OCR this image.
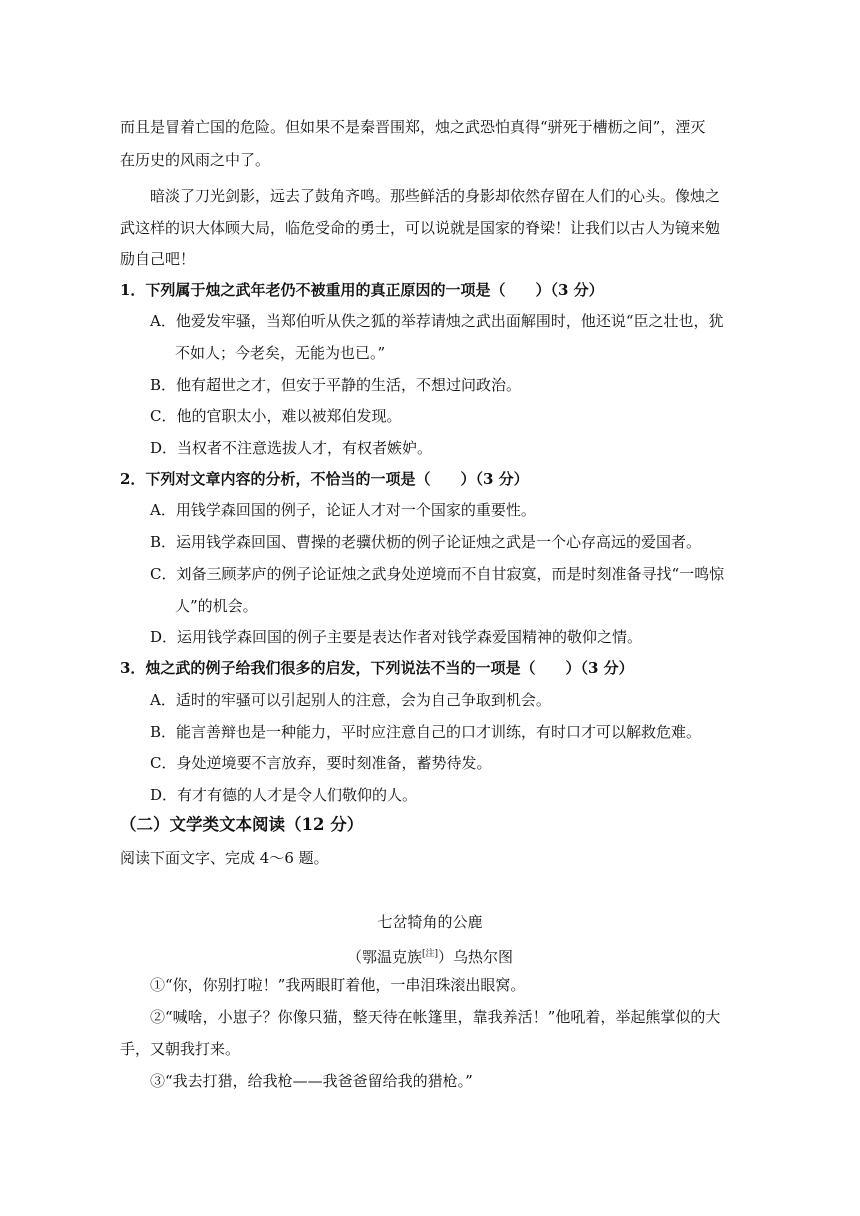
而且是冒着亡国的危险。但如果不是秦晋围郑，烛之武恐怕真得“骈死于槽枥之间”，湮灭
在历史的风雨之中了。
暗淡了刀光剑影，远去了鼓角齐鸣。那些鲜活的身影却依然存留在人们的心头。像烛之
武这样的识大体顾大局，临危受命的勇士，可以说就是国家的脊梁！让我们以古人为镜来勉
励自己吧！
1．下列属于烛之武年老仍不被重用的真正原因的一项是（　　）（3 分）
A．他爱发牢骚，当郑伯听从佚之狐的举荐请烛之武出面解围时，他还说“臣之壮也，犹
不如人；今老矣，无能为也已。”
B．他有超世之才，但安于平静的生活，不想过问政治。
C．他的官职太小，难以被郑伯发现。
D．当权者不注意选拔人才，有权者嫉妒。
2．下列对文章内容的分析，不恰当的一项是（　　）（3 分）
A．用钱学森回国的例子，论证人才对一个国家的重要性。
B．运用钱学森回国、曹操的老骥伏枥的例子论证烛之武是一个心存高远的爱国者。
C．刘备三顾茅庐的例子论证烛之武身处逆境而不自甘寂寞，而是时刻准备寻找“一鸣惊
人”的机会。
D．运用钱学森回国的例子主要是表达作者对钱学森爱国精神的敬仰之情。
3．烛之武的例子给我们很多的启发，下列说法不当的一项是（　　）（3 分）
A．适时的牢骚可以引起别人的注意，会为自己争取到机会。
B．能言善辩也是一种能力，平时应注意自己的口才训练，有时口才可以解救危难。
C．身处逆境要不言放弃，要时刻准备，蓄势待发。
D．有才有德的人才是令人们敬仰的人。
（二）文学类文本阅读（12 分）
阅读下面文字、完成 4～6 题。
七岔犄角的公鹿
（鄂温克族[注]）乌热尔图
①“你，你别打啦！”我两眼盯着他，一串泪珠滚出眼窝。
②“喊啥，小崽子？你像只猫，整天待在帐篷里，靠我养活！”他吼着，举起熊掌似的大
手，又朝我打来。
③“我去打猎，给我枪——我爸爸留给我的猎枪。”
